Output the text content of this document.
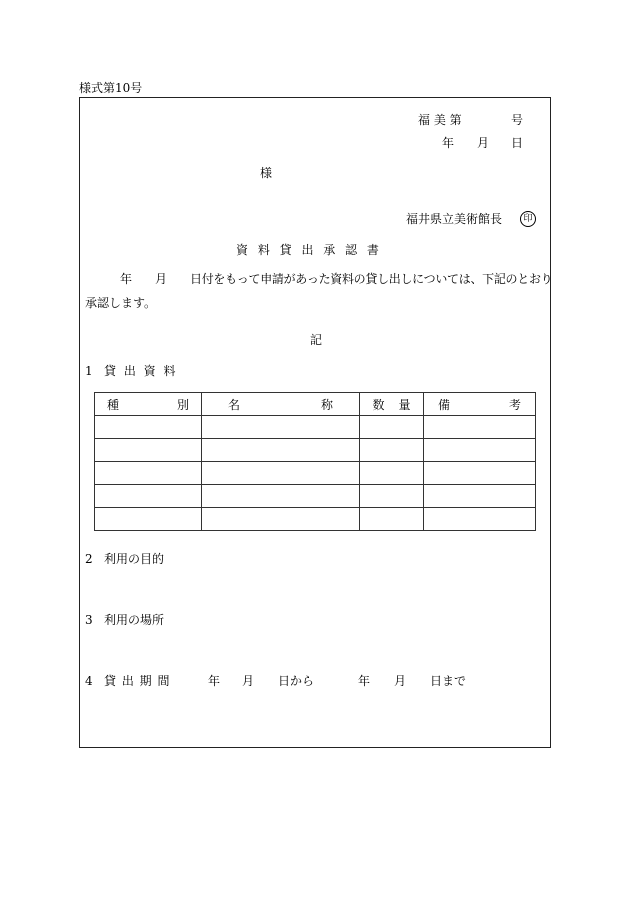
様式第10号
福 美 第	号
年 月 日
様
福井県立美術館長	印
資 料 貸 出 承 認 書
年 月 日付をもって申請があった資料の貸し出しについては、下記のとおり
承認します。
記
1 貸 出 資 料
種 別	名 称	数 量	備 考

2 利用の目的
3 利用の場所
4 貸 出 期 間	年 月 日から	年 月 日まで
